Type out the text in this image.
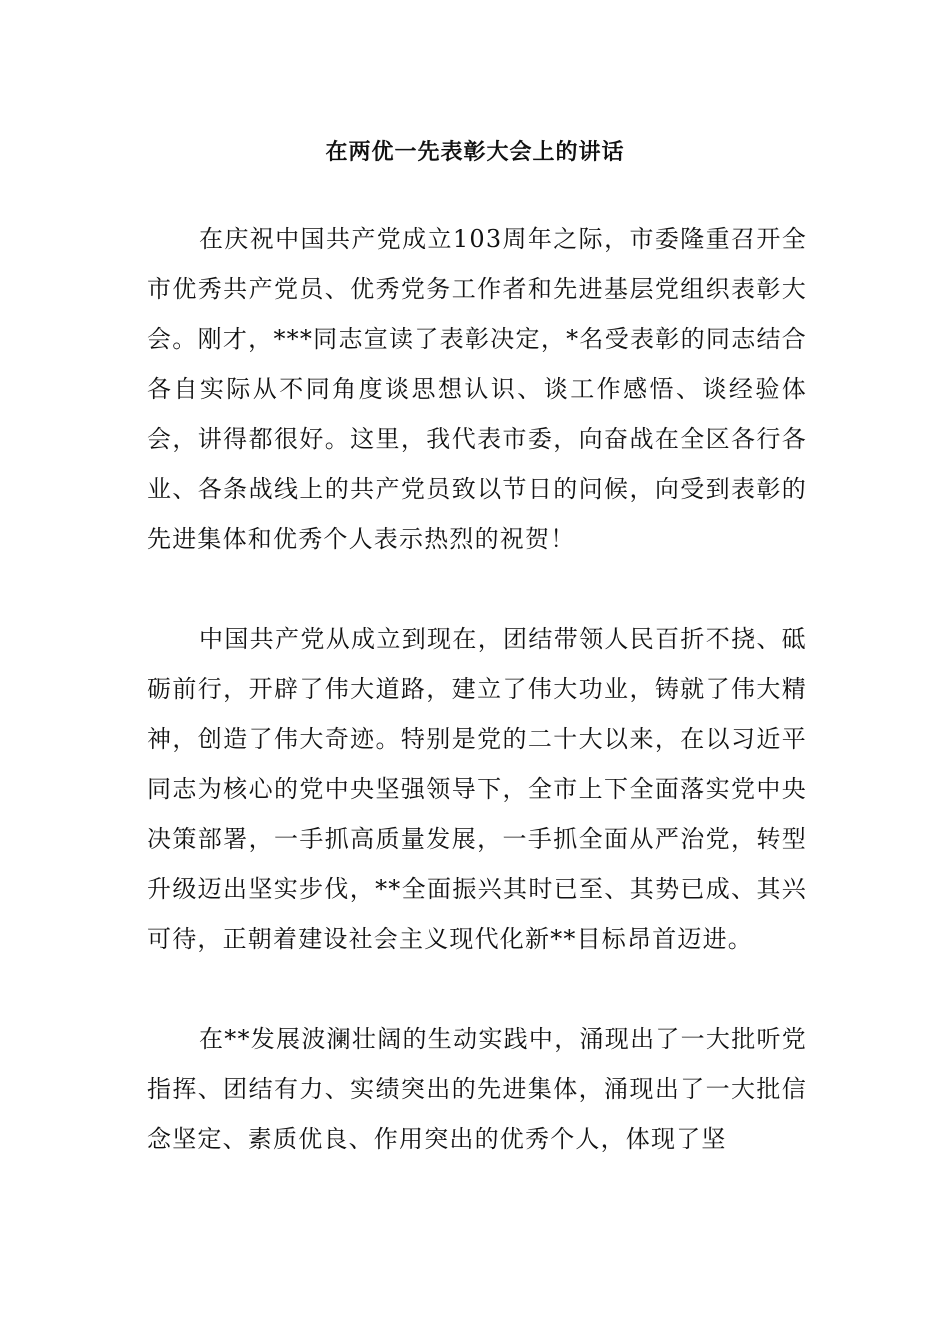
在两优一先表彰大会上的讲话

在庆祝中国共产党成立103周年之际，市委隆重召开全市优秀共产党员、优秀党务工作者和先进基层党组织表彰大会。刚才，***同志宣读了表彰决定，*名受表彰的同志结合各自实际从不同角度谈思想认识、谈工作感悟、谈经验体会，讲得都很好。这里，我代表市委，向奋战在全区各行各业、各条战线上的共产党员致以节日的问候，向受到表彰的先进集体和优秀个人表示热烈的祝贺！

中国共产党从成立到现在，团结带领人民百折不挠、砥砺前行，开辟了伟大道路，建立了伟大功业，铸就了伟大精神，创造了伟大奇迹。特别是党的二十大以来，在以习近平同志为核心的党中央坚强领导下，全市上下全面落实党中央决策部署，一手抓高质量发展，一手抓全面从严治党，转型升级迈出坚实步伐，**全面振兴其时已至、其势已成、其兴可待，正朝着建设社会主义现代化新**目标昂首迈进。

在**发展波澜壮阔的生动实践中，涌现出了一大批听党指挥、团结有力、实绩突出的先进集体，涌现出了一大批信念坚定、素质优良、作用突出的优秀个人，体现了坚
